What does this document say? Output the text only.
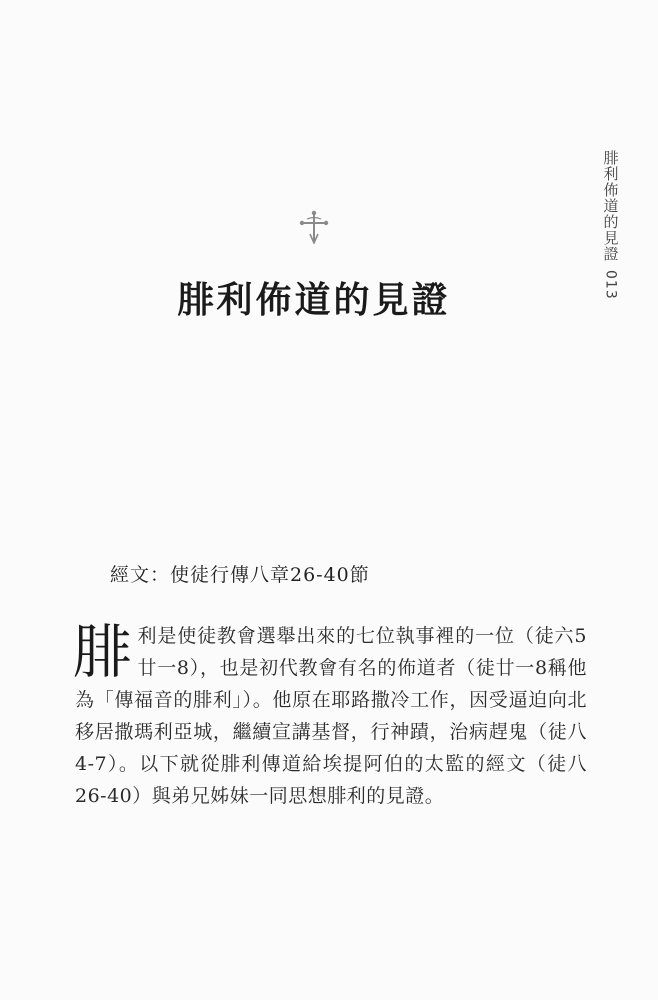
腓利佈道的見證
013
腓利佈道的見證
經文：使徒行傳八章26-40節
腓 利是使徒教會選舉出來的七位執事裡的一位（徒六5廿一8），也是初代教會有名的佈道者（徒廿一8稱他為「傳福音的腓利」）。他原在耶路撒冷工作，因受逼迫向北移居撒瑪利亞城，繼續宣講基督，行神蹟，治病趕鬼（徒八4-7）。以下就從腓利傳道給埃提阿伯的太監的經文（徒八26-40）與弟兄姊妹一同思想腓利的見證。
